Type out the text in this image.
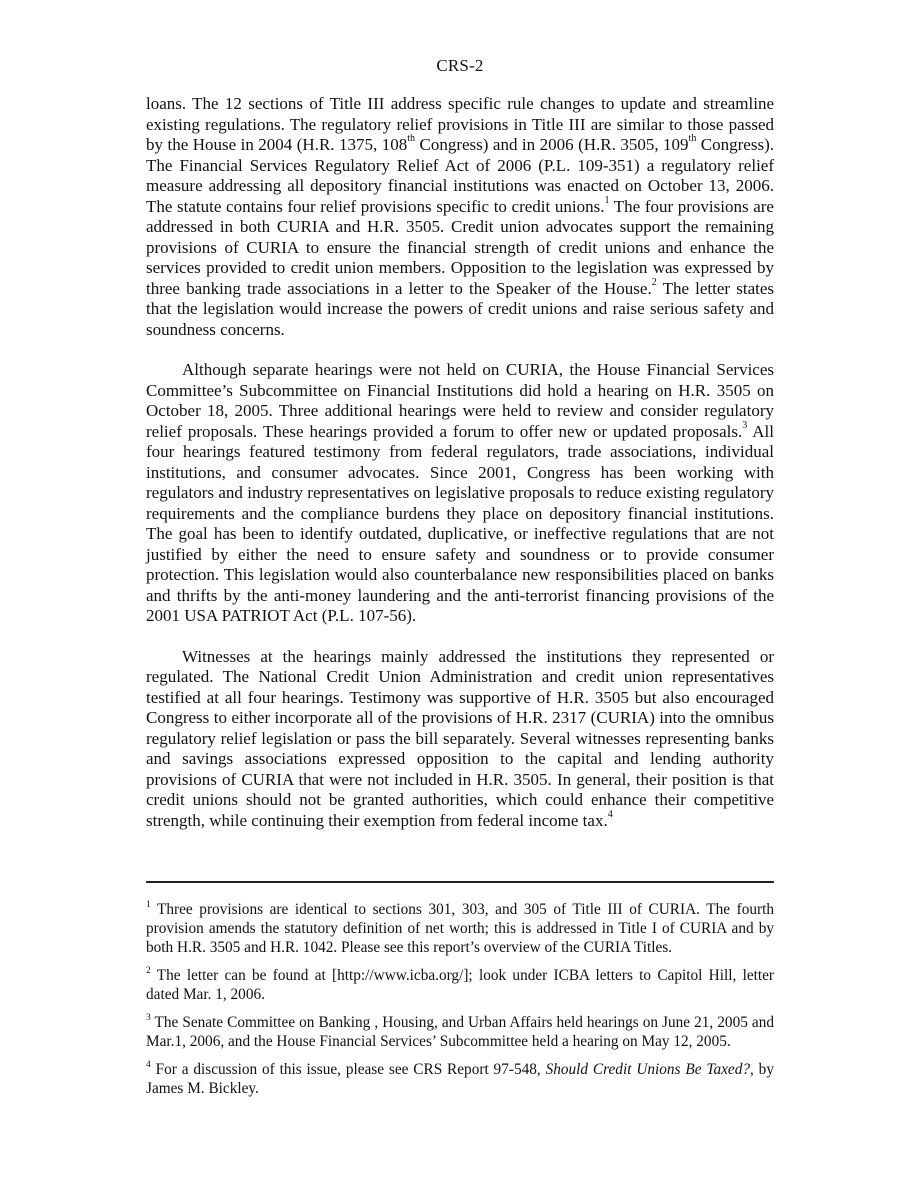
CRS-2

loans. The 12 sections of Title III address specific rule changes to update and streamline existing regulations. The regulatory relief provisions in Title III are similar to those passed by the House in 2004 (H.R. 1375, 108th Congress) and in 2006 (H.R. 3505, 109th Congress). The Financial Services Regulatory Relief Act of 2006 (P.L. 109-351) a regulatory relief measure addressing all depository financial institutions was enacted on October 13, 2006. The statute contains four relief provisions specific to credit unions.$^1$ The four provisions are addressed in both CURIA and H.R. 3505. Credit union advocates support the remaining provisions of CURIA to ensure the financial strength of credit unions and enhance the services provided to credit union members. Opposition to the legislation was expressed by three banking trade associations in a letter to the Speaker of the House.$^2$ The letter states that the legislation would increase the powers of credit unions and raise serious safety and soundness concerns.

Although separate hearings were not held on CURIA, the House Financial Services Committee’s Subcommittee on Financial Institutions did hold a hearing on H.R. 3505 on October 18, 2005. Three additional hearings were held to review and consider regulatory relief proposals. These hearings provided a forum to offer new or updated proposals.$^3$ All four hearings featured testimony from federal regulators, trade associations, individual institutions, and consumer advocates. Since 2001, Congress has been working with regulators and industry representatives on legislative proposals to reduce existing regulatory requirements and the compliance burdens they place on depository financial institutions. The goal has been to identify outdated, duplicative, or ineffective regulations that are not justified by either the need to ensure safety and soundness or to provide consumer protection. This legislation would also counterbalance new responsibilities placed on banks and thrifts by the anti-money laundering and the anti-terrorist financing provisions of the 2001 USA PATRIOT Act (P.L. 107-56).

Witnesses at the hearings mainly addressed the institutions they represented or regulated. The National Credit Union Administration and credit union representatives testified at all four hearings. Testimony was supportive of H.R. 3505 but also encouraged Congress to either incorporate all of the provisions of H.R. 2317 (CURIA) into the omnibus regulatory relief legislation or pass the bill separately. Several witnesses representing banks and savings associations expressed opposition to the capital and lending authority provisions of CURIA that were not included in H.R. 3505. In general, their position is that credit unions should not be granted authorities, which could enhance their competitive strength, while continuing their exemption from federal income tax.$^4$

$^1$ Three provisions are identical to sections 301, 303, and 305 of Title III of CURIA. The fourth provision amends the statutory definition of net worth; this is addressed in Title I of CURIA and by both H.R. 3505 and H.R. 1042. Please see this report’s overview of the CURIA Titles.

$^2$ The letter can be found at [http://www.icba.org/]; look under ICBA letters to Capitol Hill, letter dated Mar. 1, 2006.

$^3$ The Senate Committee on Banking , Housing, and Urban Affairs held hearings on June 21, 2005 and Mar.1, 2006, and the House Financial Services’ Subcommittee held a hearing on May 12, 2005.

$^4$ For a discussion of this issue, please see CRS Report 97-548, Should Credit Unions Be Taxed?, by James M. Bickley.
